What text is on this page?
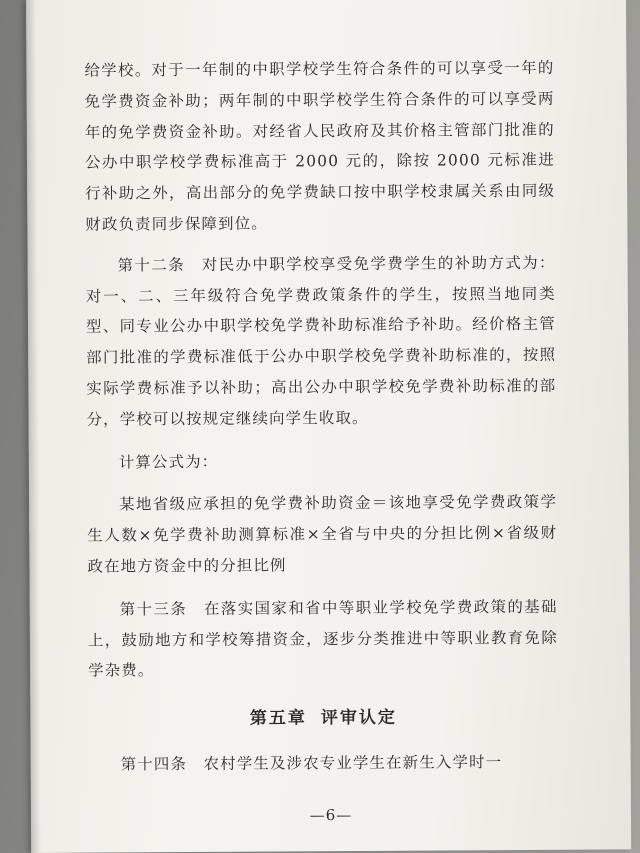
给学校。对于一年制的中职学校学生符合条件的可以享受一年的免学费资金补助；两年制的中职学校学生符合条件的可以享受两年的免学费资金补助。对经省人民政府及其价格主管部门批准的公办中职学校学费标准高于 2000 元的，除按 2000 元标准进行补助之外，高出部分的免学费缺口按中职学校隶属关系由同级财政负责同步保障到位。

第十二条　对民办中职学校享受免学费学生的补助方式为：对一、二、三年级符合免学费政策条件的学生，按照当地同类型、同专业公办中职学校免学费补助标准给予补助。经价格主管部门批准的学费标准低于公办中职学校免学费补助标准的，按照实际学费标准予以补助；高出公办中职学校免学费补助标准的部分，学校可以按规定继续向学生收取。

计算公式为：

某地省级应承担的免学费补助资金＝该地享受免学费政策学生人数×免学费补助测算标准×全省与中央的分担比例×省级财政在地方资金中的分担比例

第十三条　在落实国家和省中等职业学校免学费政策的基础上，鼓励地方和学校筹措资金，逐步分类推进中等职业教育免除学杂费。

第五章 评审认定

第十四条　农村学生及涉农专业学生在新生入学时一

—6—
